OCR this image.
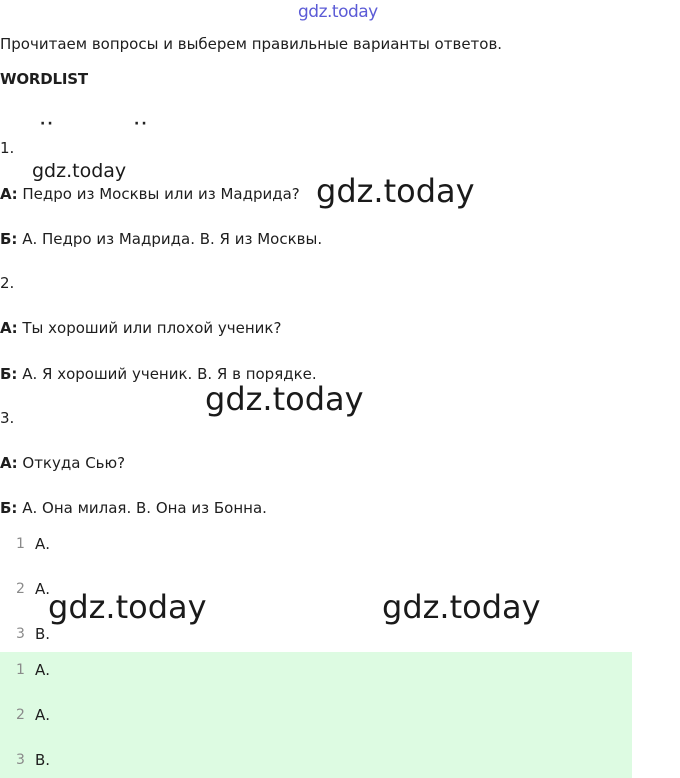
gdz.today
Прочитаем вопросы и выберем правильные варианты ответов.
WORDLIST
··	··
1.
gdz.today
А: Педро из Москвы или из Мадрида? gdz.today
Б: А. Педро из Мадрида. В. Я из Москвы.
2.
А: Ты хороший или плохой ученик?
Б: А. Я хороший ученик. В. Я в порядке.
gdz.today
3.
А: Откуда Сью?
Б: А. Она милая. В. Она из Бонна.
1 А.
2 А.
gdz.today	gdz.today
3 В.
1 А.
2 А.
3 В.
